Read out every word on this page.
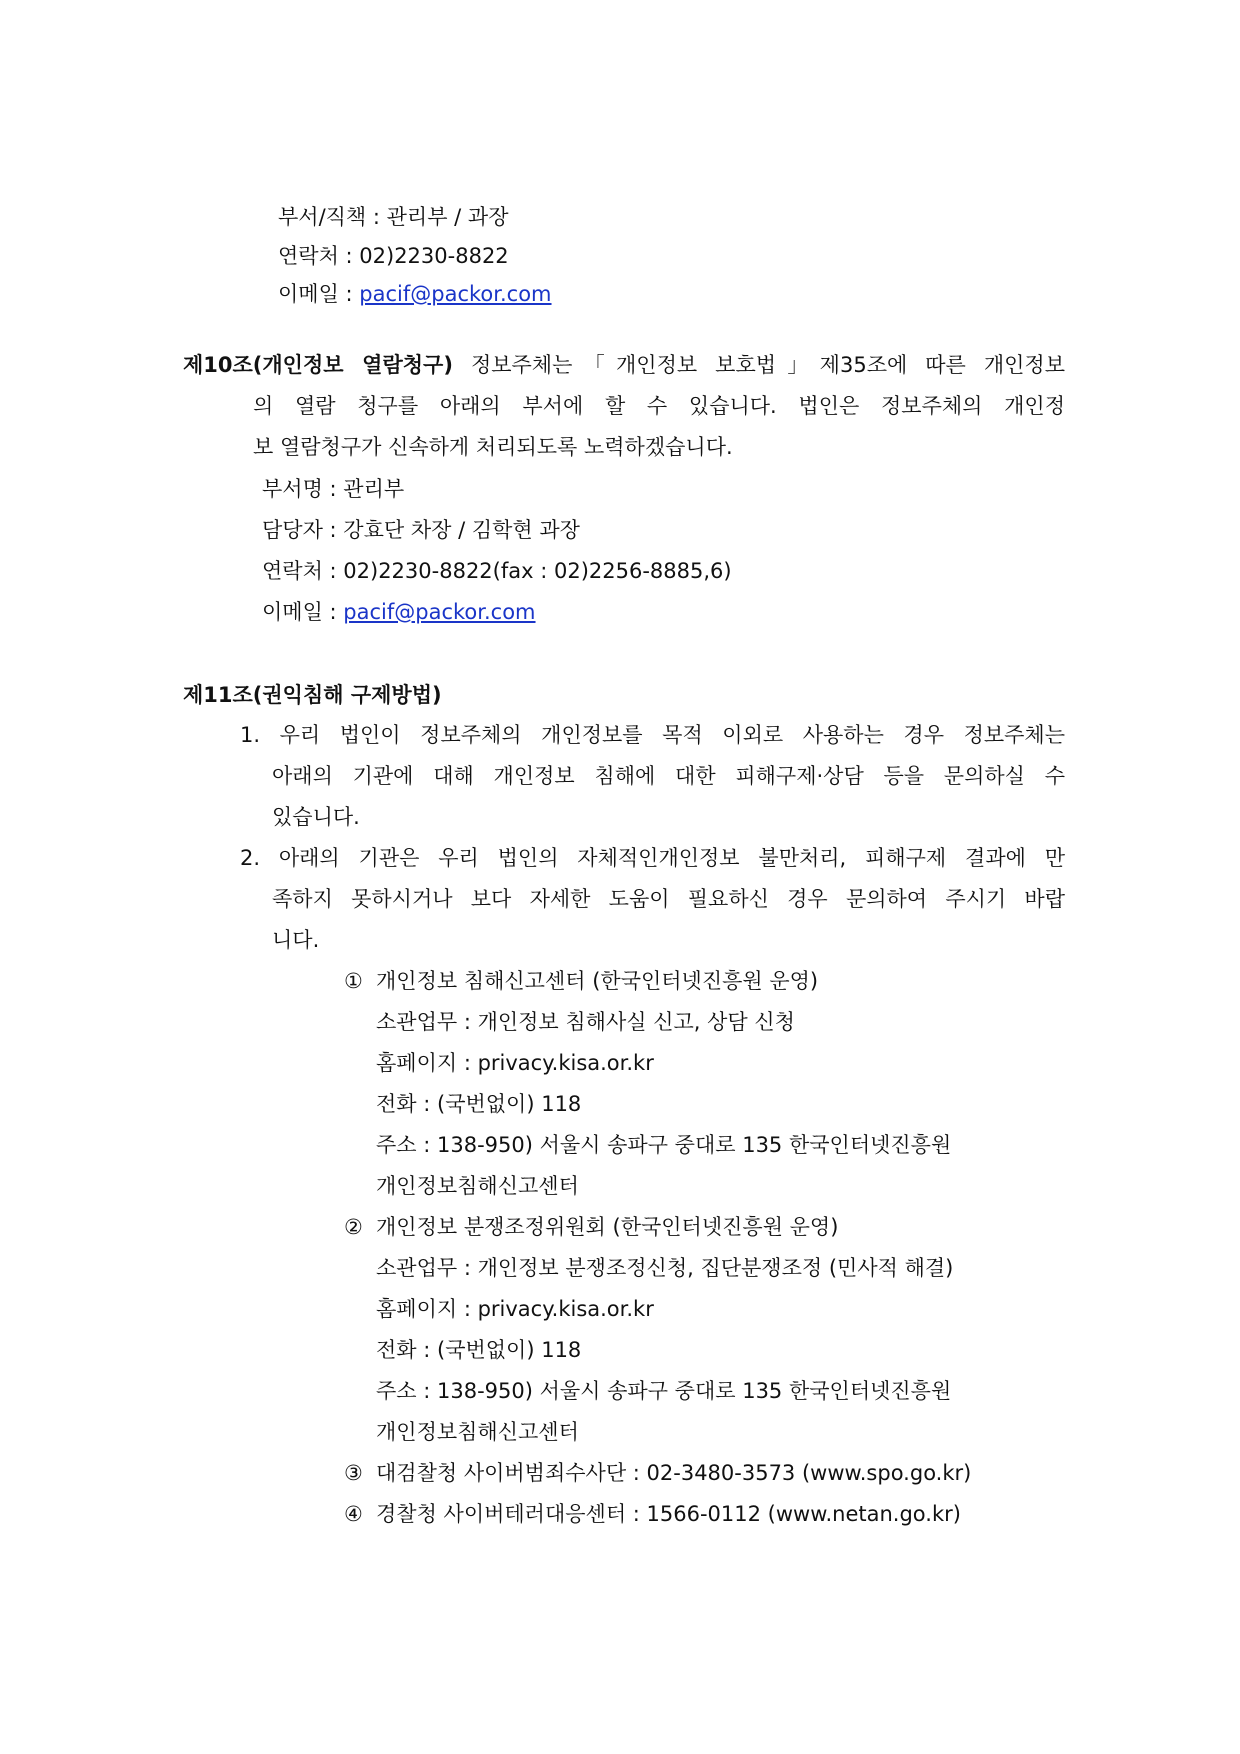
부서/직책 : 관리부 / 과장
연락처 : 02)2230-8822
이메일 : pacif@packor.com
제10조(개인정보 열람청구) 정보주체는「개인정보 보호법」제35조에 따른 개인정보
의 열람 청구를 아래의 부서에 할 수 있습니다. 법인은 정보주체의 개인정
보 열람청구가 신속하게 처리되도록 노력하겠습니다.
부서명 : 관리부
담당자 : 강효단 차장 / 김학현 과장
연락처 : 02)2230-8822(fax : 02)2256-8885,6)
이메일 : pacif@packor.com
제11조(권익침해 구제방법)
1. 우리 법인이 정보주체의 개인정보를 목적 이외로 사용하는 경우 정보주체는
아래의 기관에 대해 개인정보 침해에 대한 피해구제·상담 등을 문의하실 수
있습니다.
2. 아래의 기관은 우리 법인의 자체적인개인정보 불만처리, 피해구제 결과에 만
족하지 못하시거나 보다 자세한 도움이 필요하신 경우 문의하여 주시기 바랍
니다.
① 개인정보 침해신고센터 (한국인터넷진흥원 운영)
소관업무 : 개인정보 침해사실 신고, 상담 신청
홈페이지 : privacy.kisa.or.kr
전화 : (국번없이) 118
주소 : 138-950) 서울시 송파구 중대로 135 한국인터넷진흥원
개인정보침해신고센터
② 개인정보 분쟁조정위원회 (한국인터넷진흥원 운영)
소관업무 : 개인정보 분쟁조정신청, 집단분쟁조정 (민사적 해결)
홈페이지 : privacy.kisa.or.kr
전화 : (국번없이) 118
주소 : 138-950) 서울시 송파구 중대로 135 한국인터넷진흥원
개인정보침해신고센터
③ 대검찰청 사이버범죄수사단 : 02-3480-3573 (www.spo.go.kr)
④ 경찰청 사이버테러대응센터 : 1566-0112 (www.netan.go.kr)
